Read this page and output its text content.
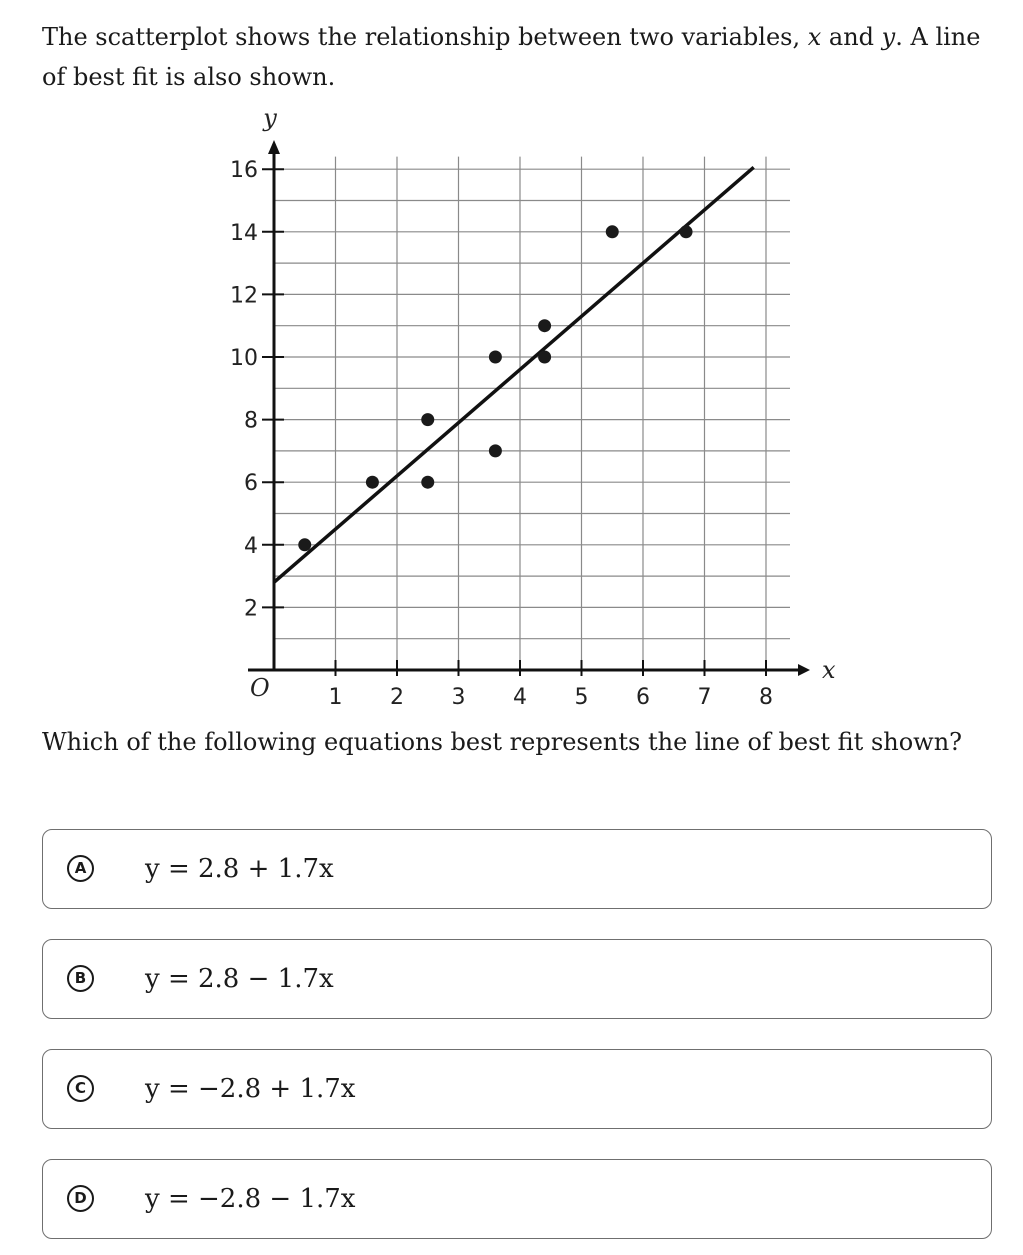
The scatterplot shows the relationship between two variables, x and y. A line of best fit is also shown.

1 2 3 4 5 6 7 8
2
4
6
8
10
12
14
16
x
y
O

Which of the following equations best represents the line of best fit shown?

A y = 2.8 + 1.7x
B y = 2.8 − 1.7x
C	y = −2.8 + 1.7x
D y = −2.8 − 1.7x
